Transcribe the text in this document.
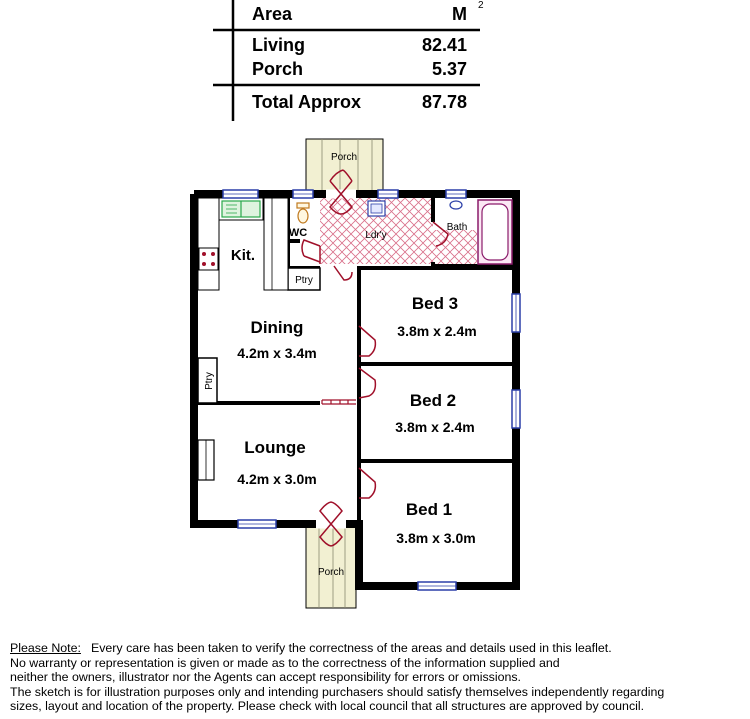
Area	M 2
Living	82.41
Porch	5.37
Total Approx	87.78
Porch
Porch
WC	Ldr'y
Bath
Kit.
Ptry
Ptry
Dining
4.2m x 3.4m
Lounge
4.2m x 3.0m
Bed 3
3.8m x 2.4m
Bed 2
3.8m x 2.4m
Bed 1
3.8m x 3.0m

Please Note: Every care has been taken to verify the correctness of the areas and details used in this leaflet.

No warranty or representation is given or made as to the correctness of the information supplied and

neither the owners, illustrator nor the Agents can accept responsibility for errors or omissions.

The sketch is for illustration purposes only and intending purchasers should satisfy themselves independently regarding

sizes, layout and location of the property. Please check with local council that all structures are approved by council.
